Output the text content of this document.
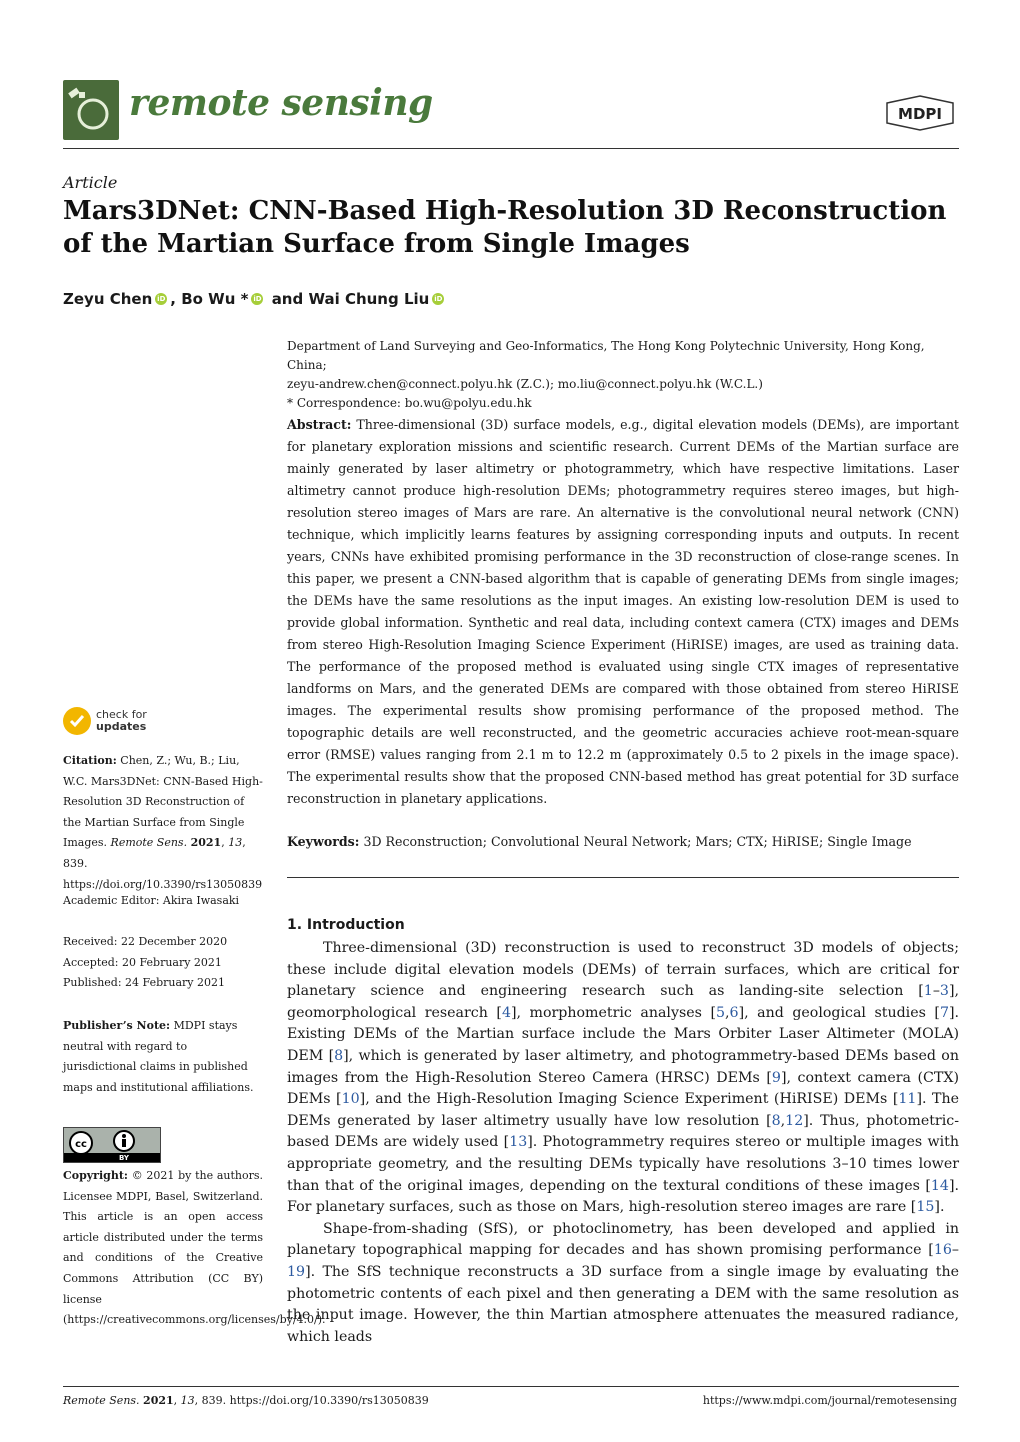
remote sensing	MDPI
Article
Mars3DNet: CNN-Based High-Resolution 3D Reconstruction of the Martian Surface from Single Images
Zeyu Chen iD , Bo Wu * iD and Wai Chung Liu iD
Department of Land Surveying and Geo-Informatics, The Hong Kong Polytechnic University, Hong Kong, China;
zeyu-andrew.chen@connect.polyu.hk (Z.C.); mo.liu@connect.polyu.hk (W.C.L.)
* Correspondence: bo.wu@polyu.edu.hk
Abstract: Three-dimensional (3D) surface models, e.g., digital elevation models (DEMs), are important for planetary exploration missions and scientific research. Current DEMs of the Martian surface are mainly generated by laser altimetry or photogrammetry, which have respective limitations. Laser altimetry cannot produce high-resolution DEMs; photogrammetry requires stereo images, but high-resolution stereo images of Mars are rare. An alternative is the convolutional neural network (CNN) technique, which implicitly learns features by assigning corresponding inputs and outputs. In recent years, CNNs have exhibited promising performance in the 3D reconstruction of close-range scenes. In this paper, we present a CNN-based algorithm that is capable of generating DEMs from single images; the DEMs have the same resolutions as the input images. An existing low-resolution DEM is used to provide global information. Synthetic and real data, including context camera (CTX) images and DEMs from stereo High-Resolution Imaging Science Experiment (HiRISE) images, are used as training data. The performance of the proposed method is evaluated using single CTX images of representative landforms on Mars, and the generated DEMs are compared with those obtained from stereo HiRISE images. The experimental results show promising performance of the proposed method. The topographic details are well reconstructed, and the geometric accuracies achieve root-mean-square error (RMSE) values ranging from 2.1 m to 12.2 m (approximately 0.5 to 2 pixels in the image space). The experimental results show that the proposed CNN-based method has great potential for 3D surface reconstruction in planetary applications.
Keywords: 3D Reconstruction; Convolutional Neural Network; Mars; CTX; HiRISE; Single Image
check for
updates
Citation: Chen, Z.; Wu, B.; Liu, W.C. Mars3DNet: CNN-Based High-Resolution 3D Reconstruction of the Martian Surface from Single Images. Remote Sens. 2021, 13, 839. https://doi.org/10.3390/rs13050839
Academic Editor: Akira Iwasaki
Received: 22 December 2020
Accepted: 20 February 2021
Published: 24 February 2021
Publisher’s Note: MDPI stays neutral with regard to jurisdictional claims in published maps and institutional affiliations.
cc
BY
Copyright: © 2021 by the authors. Licensee MDPI, Basel, Switzerland. This article is an open access article distributed under the terms and conditions of the Creative Commons Attribution (CC BY) license (https://creativecommons.org/licenses/by/4.0/).
1. Introduction

Three-dimensional (3D) reconstruction is used to reconstruct 3D models of objects; these include digital elevation models (DEMs) of terrain surfaces, which are critical for planetary science and engineering research such as landing-site selection [1–3], geomorphological research [4], morphometric analyses [5,6], and geological studies [7]. Existing DEMs of the Martian surface include the Mars Orbiter Laser Altimeter (MOLA) DEM [8], which is generated by laser altimetry, and photogrammetry-based DEMs based on images from the High-Resolution Stereo Camera (HRSC) DEMs [9], context camera (CTX) DEMs [10], and the High-Resolution Imaging Science Experiment (HiRISE) DEMs [11]. The DEMs generated by laser altimetry usually have low resolution [8,12]. Thus, photometric-based DEMs are widely used [13]. Photogrammetry requires stereo or multiple images with appropriate geometry, and the resulting DEMs typically have resolutions 3–10 times lower than that of the original images, depending on the textural conditions of these images [14]. For planetary surfaces, such as those on Mars, high-resolution stereo images are rare [15].

Shape-from-shading (SfS), or photoclinometry, has been developed and applied in planetary topographical mapping for decades and has shown promising performance [16–19]. The SfS technique reconstructs a 3D surface from a single image by evaluating the photometric contents of each pixel and then generating a DEM with the same resolution as the input image. However, the thin Martian atmosphere attenuates the measured radiance, which leads

Remote Sens. 2021, 13, 839. https://doi.org/10.3390/rs13050839	https://www.mdpi.com/journal/remotesensing
